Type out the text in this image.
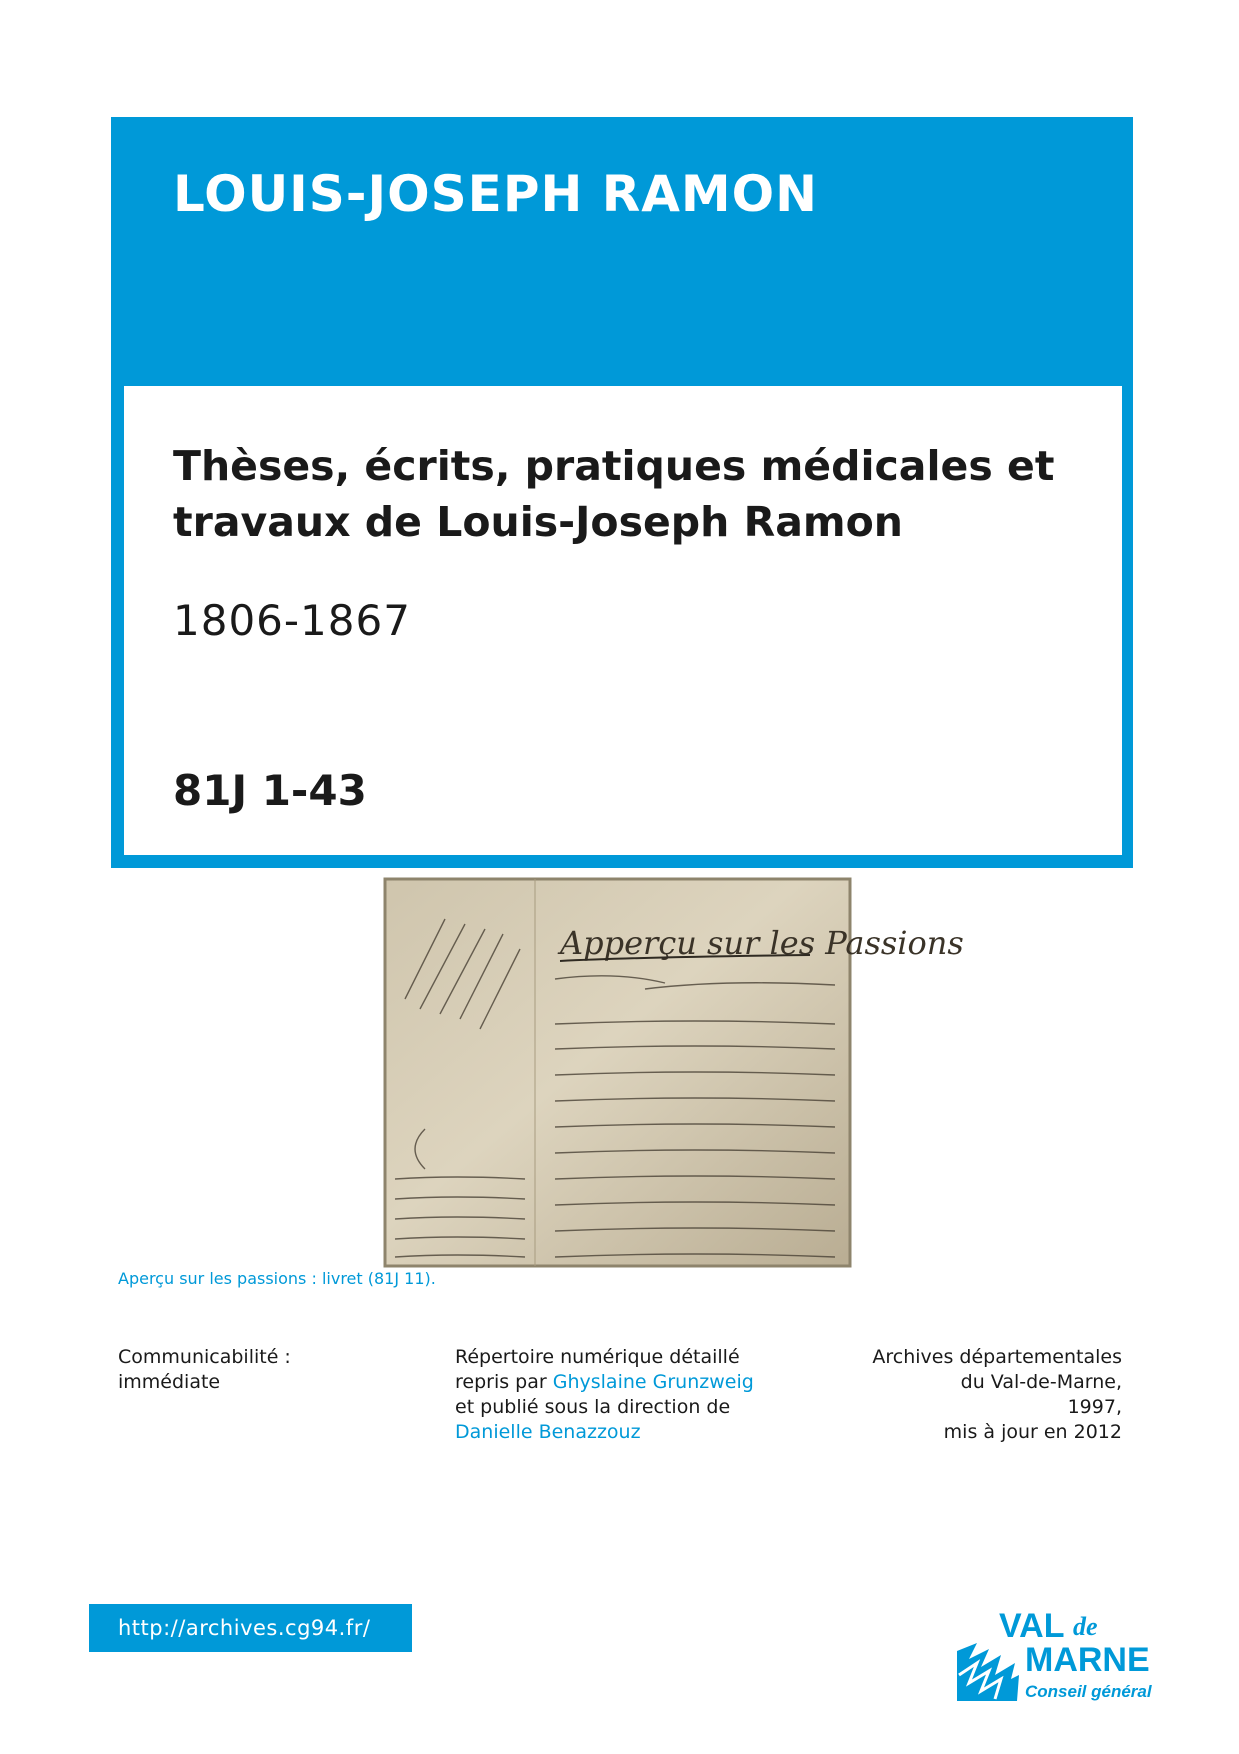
LOUIS-JOSEPH RAMON
Thèses, écrits, pratiques médicales et travaux de Louis-Joseph Ramon
1806-1867
81J 1-43
Apperçu sur les Passions
Aperçu sur les passions : livret (81J 11).
Communicabilité :
immédiate
Répertoire numérique détaillé
repris par Ghyslaine Grunzweig
et publié sous la direction de
Danielle Benazzouz
Archives départementales
du Val-de-Marne,
1997,
mis à jour en 2012
http://archives.cg94.fr/	VAL de
MARNE
Conseil général
